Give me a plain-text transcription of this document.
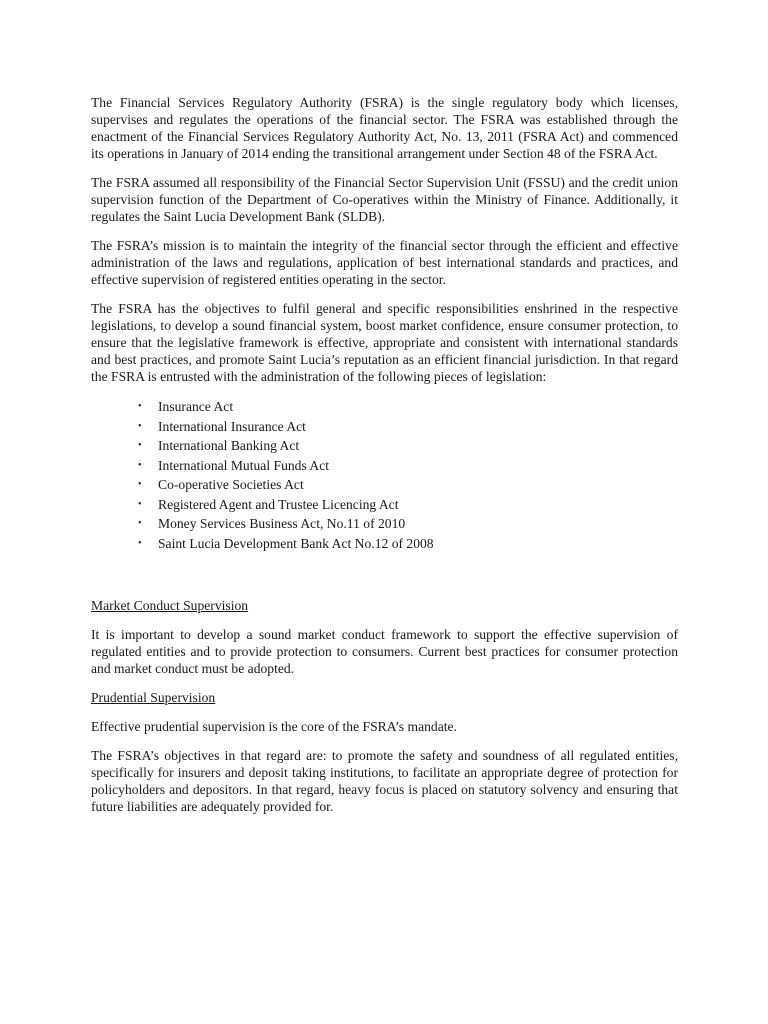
The Financial Services Regulatory Authority (FSRA) is the single regulatory body which licenses, supervises and regulates the operations of the financial sector. The FSRA was established through the enactment of the Financial Services Regulatory Authority Act, No. 13, 2011 (FSRA Act) and commenced its operations in January of 2014 ending the transitional arrangement under Section 48 of the FSRA Act.

The FSRA assumed all responsibility of the Financial Sector Supervision Unit (FSSU) and the credit union supervision function of the Department of Co-operatives within the Ministry of Finance. Additionally, it regulates the Saint Lucia Development Bank (SLDB).

The FSRA’s mission is to maintain the integrity of the financial sector through the efficient and effective administration of the laws and regulations, application of best international standards and practices, and effective supervision of registered entities operating in the sector.

The FSRA has the objectives to fulfil general and specific responsibilities enshrined in the respective legislations, to develop a sound financial system, boost market confidence, ensure consumer protection, to ensure that the legislative framework is effective, appropriate and consistent with international standards and best practices, and promote Saint Lucia’s reputation as an efficient financial jurisdiction. In that regard the FSRA is entrusted with the administration of the following pieces of legislation:

• Insurance Act
• International Insurance Act
• International Banking Act
• International Mutual Funds Act
• Co-operative Societies Act
• Registered Agent and Trustee Licencing Act
• Money Services Business Act, No.11 of 2010
• Saint Lucia Development Bank Act No.12 of 2008

Market Conduct Supervision

It is important to develop a sound market conduct framework to support the effective supervision of regulated entities and to provide protection to consumers. Current best practices for consumer protection and market conduct must be adopted.

Prudential Supervision

Effective prudential supervision is the core of the FSRA’s mandate.

The FSRA’s objectives in that regard are: to promote the safety and soundness of all regulated entities, specifically for insurers and deposit taking institutions, to facilitate an appropriate degree of protection for policyholders and depositors. In that regard, heavy focus is placed on statutory solvency and ensuring that future liabilities are adequately provided for.
